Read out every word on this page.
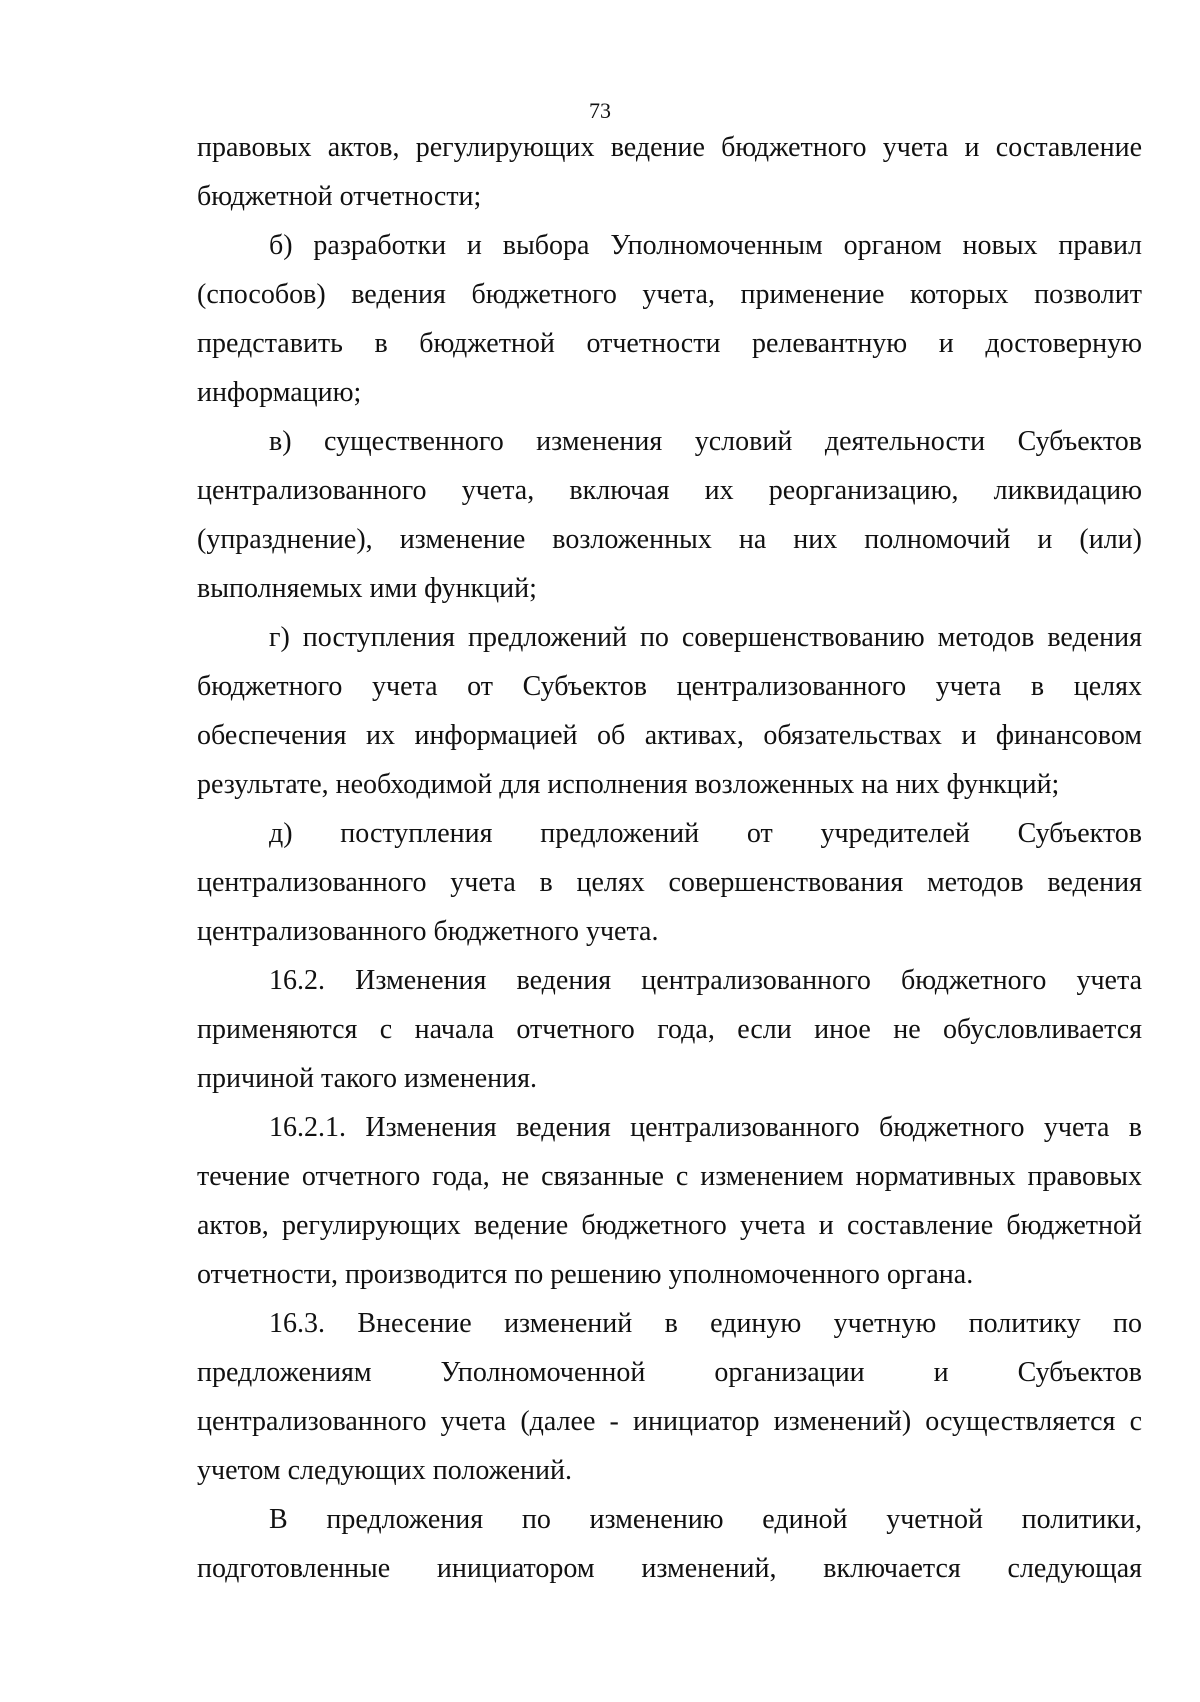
73
правовых актов, регулирующих ведение бюджетного учета и составление
бюджетной отчетности;
б) разработки и выбора Уполномоченным органом новых правил
(способов) ведения бюджетного учета, применение которых позволит
представить в бюджетной отчетности релевантную и достоверную
информацию;
в) существенного изменения условий деятельности Субъектов
централизованного учета, включая их реорганизацию, ликвидацию
(упразднение), изменение возложенных на них полномочий и (или)
выполняемых ими функций;
г) поступления предложений по совершенствованию методов ведения
бюджетного учета от Субъектов централизованного учета в целях
обеспечения их информацией об активах, обязательствах и финансовом
результате, необходимой для исполнения возложенных на них функций;
д) поступления предложений от учредителей Субъектов
централизованного учета в целях совершенствования методов ведения
централизованного бюджетного учета.
16.2. Изменения ведения централизованного бюджетного учета
применяются с начала отчетного года, если иное не обусловливается
причиной такого изменения.
16.2.1. Изменения ведения централизованного бюджетного учета в
течение отчетного года, не связанные с изменением нормативных правовых
актов, регулирующих ведение бюджетного учета и составление бюджетной
отчетности, производится по решению уполномоченного органа.
16.3. Внесение изменений в единую учетную политику по
предложениям Уполномоченной организации и Субъектов
централизованного учета (далее - инициатор изменений) осуществляется с
учетом следующих положений.
В предложения по изменению единой учетной политики,
подготовленные инициатором изменений, включается следующая
